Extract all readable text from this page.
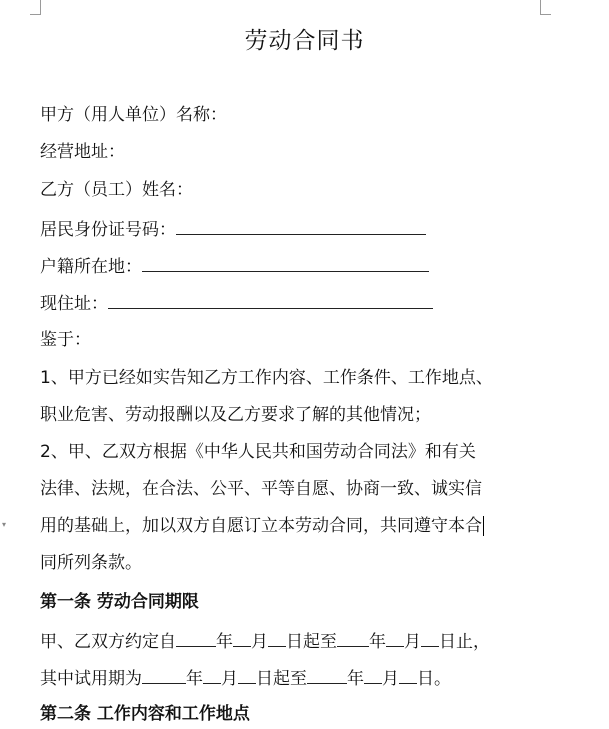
劳动合同书
甲方（用人单位）名称：
经营地址：
乙方（员工）姓名：
居民身份证号码：
户籍所在地：
现住址：
鉴于：
1、甲方已经如实告知乙方工作内容、工作条件、工作地点、
职业危害、劳动报酬以及乙方要求了解的其他情况；
2、甲、乙双方根据《中华人民共和国劳动合同法》和有关
法律、法规，在合法、公平、平等自愿、协商一致、诚实信
用的基础上，加以双方自愿订立本劳动合同，共同遵守本合
同所列条款。
第一条 劳动合同期限
甲、乙双方约定自 年 月 日起至 年 月 日止，
其中试用期为	年 月 日起至 年 月 日。
第二条 工作内容和工作地点
▾
